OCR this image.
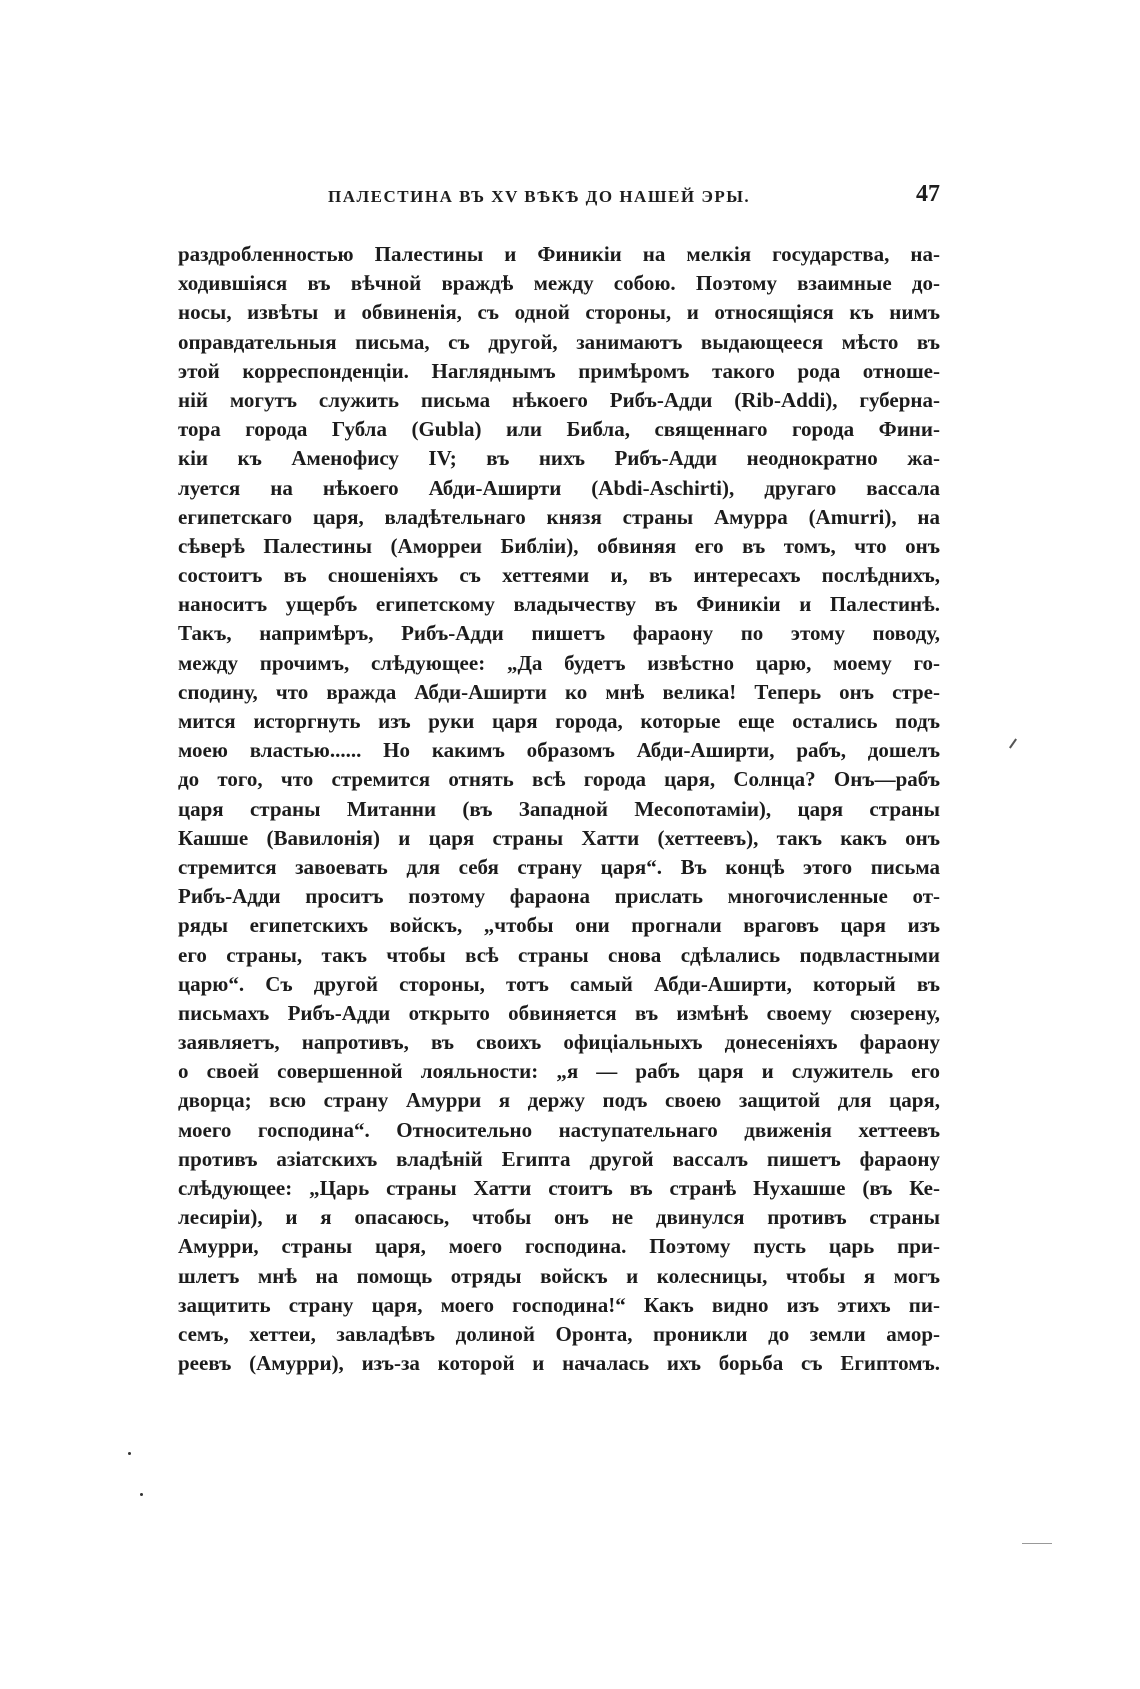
ПАЛЕСТИНА ВЪ XV ВѢКѢ ДО НАШЕЙ ЭРЫ.	47
раздробленностью Палестины и Финикіи на мелкія государства, на-
ходившіяся въ вѣчной враждѣ между собою. Поэтому взаимные до-
носы, извѣты и обвиненія, съ одной стороны, и относящіяся къ нимъ
оправдательныя письма, съ другой, занимаютъ выдающееся мѣсто въ
этой корреспонденціи. Нагляднымъ примѣромъ такого рода отноше-
ній могутъ служить письма нѣкоего Рибъ-Адди (Rib-Addi), губерна-
тора города Губла (Gubla) или Библа, священнаго города Фини-
кіи къ Аменофису IV; въ нихъ Рибъ-Адди неоднократно жа-
луется на нѣкоего Абди-Аширти (Abdi-Aschirti), другаго вассала
египетскаго царя, владѣтельнаго князя страны Амурра (Amurri), на
сѣверѣ Палестины (Аморреи Библіи), обвиняя его въ томъ, что онъ
состоитъ въ сношеніяхъ съ хеттеями и, въ интересахъ послѣднихъ,
наноситъ ущербъ египетскому владычеству въ Финикіи и Палестинѣ.
Такъ, напримѣръ, Рибъ-Адди пишетъ фараону по этому поводу,
между прочимъ, слѣдующее: „Да будетъ извѣстно царю, моему го-
сподину, что вражда Абди-Аширти ко мнѣ велика! Теперь онъ стре-
мится исторгнуть изъ руки царя города, которые еще остались подъ
моею властью...... Но какимъ образомъ Абди-Аширти, рабъ, дошелъ
до того, что стремится отнять всѣ города царя, Солнца? Онъ—рабъ
царя страны Митанни (въ Западной Месопотаміи), царя страны
Кашше (Вавилонія) и царя страны Хатти (хеттеевъ), такъ какъ онъ
стремится завоевать для себя страну царя“. Въ концѣ этого письма
Рибъ-Адди проситъ поэтому фараона прислать многочисленные от-
ряды египетскихъ войскъ, „чтобы они прогнали враговъ царя изъ
его страны, такъ чтобы всѣ страны снова сдѣлались подвластными
царю“. Съ другой стороны, тотъ самый Абди-Аширти, который въ
письмахъ Рибъ-Адди открыто обвиняется въ измѣнѣ своему сюзерену,
заявляетъ, напротивъ, въ своихъ офиціальныхъ донесеніяхъ фараону
о своей совершенной лояльности: „я — рабъ царя и служитель его
дворца; всю страну Амурри я держу подъ своею защитой для царя,
моего господина“. Относительно наступательнаго движенія хеттеевъ
противъ азіатскихъ владѣній Египта другой вассалъ пишетъ фараону
слѣдующее: „Царь страны Хатти стоитъ въ странѣ Нухашше (въ Ке-
лесиріи), и я опасаюсь, чтобы онъ не двинулся противъ страны
Амурри, страны царя, моего господина. Поэтому пусть царь при-
шлетъ мнѣ на помощь отряды войскъ и колесницы, чтобы я могъ
защитить страну царя, моего господина!“ Какъ видно изъ этихъ пи-
семъ, хеттеи, завладѣвъ долиной Оронта, проникли до земли амор-
реевъ (Амурри), изъ-за которой и началась ихъ борьба съ Египтомъ.
